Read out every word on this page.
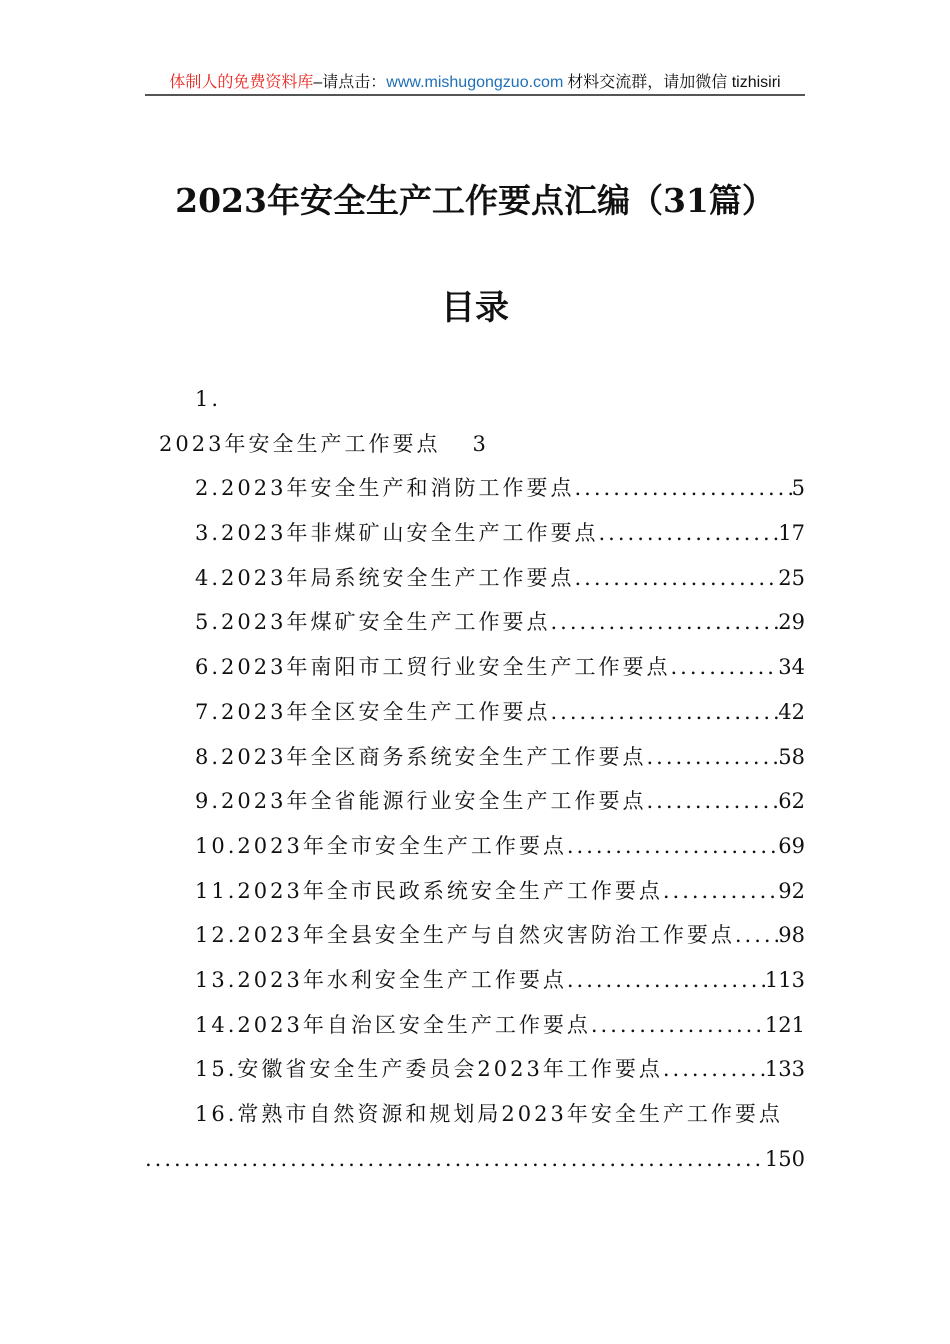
体制人的免费资料库 –请点击： www.mishugongzuo.com 材料交流群，请加微信 tizhisiri
2023年安全生产工作要点汇编（31篇）
目录
1.
2023年安全生产工作要点 3
2. 2023年安全生产和消防工作要点 .....	5
3. 2023年非煤矿山安全生产工作要点 .....	17
4. 2023年局系统安全生产工作要点 .....	25
5. 2023年煤矿安全生产工作要点 .....	29
6. 2023年南阳市工贸行业安全生产工作要点 .....	34
7. 2023年全区安全生产工作要点 .....	42
8. 2023年全区商务系统安全生产工作要点 .....	58
9. 2023年全省能源行业安全生产工作要点 .....	62
10. 2023年全市安全生产工作要点 .....	69
11. 2023年全市民政系统安全生产工作要点 .....	92
12. 2023年全县安全生产与自然灾害防治工作要点 ..... 98
13. 2023年水利安全生产工作要点 .....	113
14. 2023年自治区安全生产工作要点 .....	121
15. 安徽省安全生产委员会2023年工作要点 .....	133
16. 常熟市自然资源和规划局2023年安全生产工作要点
.....
150
